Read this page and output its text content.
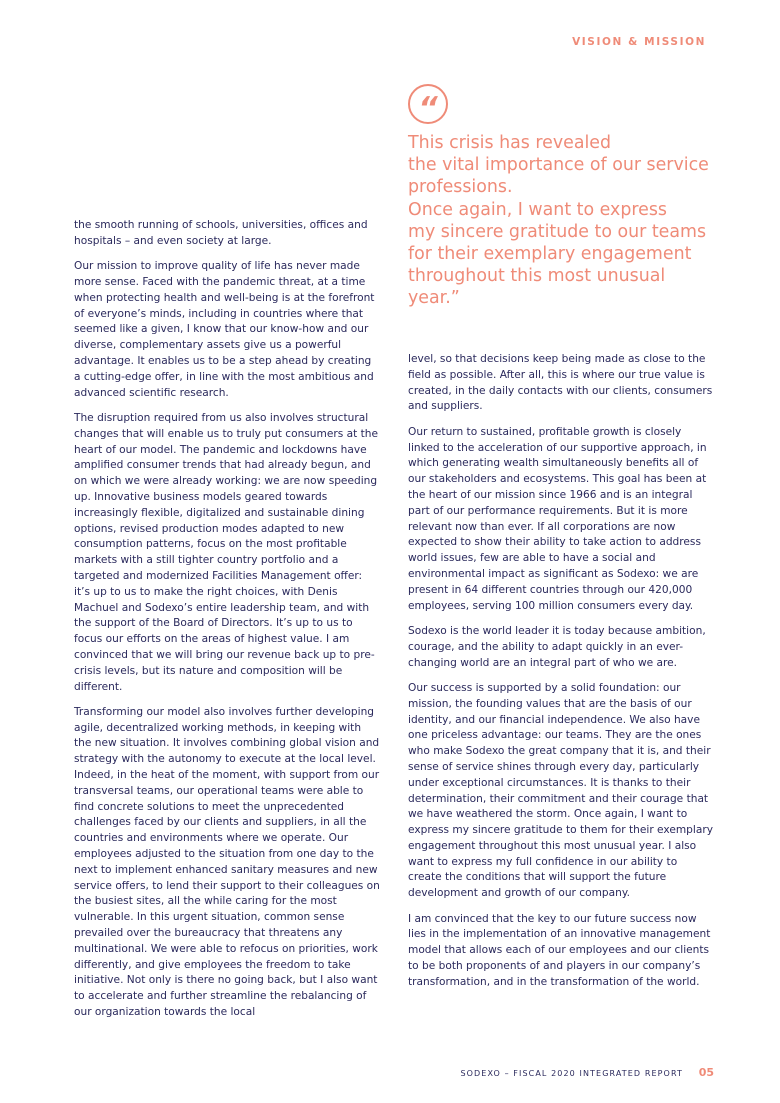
VISION & MISSION
“
This crisis has revealed
the vital importance of our service
professions.
Once again, I want to express
my sincere gratitude to our teams
for their exemplary engagement
throughout this most unusual
year.”

the smooth running of schools, universities, offices and hospitals – and even society at large.

Our mission to improve quality of life has never made more sense. Faced with the pandemic threat, at a time when protecting health and well-being is at the forefront of everyone’s minds, including in countries where that seemed like a given, I know that our know-how and our diverse, complementary assets give us a powerful advantage. It enables us to be a step ahead by creating a cutting-edge offer, in line with the most ambitious and advanced scientific research.

The disruption required from us also involves structural changes that will enable us to truly put consumers at the heart of our model. The pandemic and lockdowns have amplified consumer trends that had already begun, and on which we were already working: we are now speeding up. Innovative business models geared towards increasingly flexible, digitalized and sustainable dining options, revised production modes adapted to new consumption patterns, focus on the most profitable markets with a still tighter country portfolio and a targeted and modernized Facilities Management offer: it’s up to us to make the right choices, with Denis Machuel and Sodexo’s entire leadership team, and with the support of the Board of Directors. It’s up to us to focus our efforts on the areas of highest value. I am convinced that we will bring our revenue back up to pre-crisis levels, but its nature and composition will be different.

Transforming our model also involves further developing agile, decentralized working methods, in keeping with the new situation. It involves combining global vision and strategy with the autonomy to execute at the local level. Indeed, in the heat of the moment, with support from our transversal teams, our operational teams were able to find concrete solutions to meet the unprecedented challenges faced by our clients and suppliers, in all the countries and environments where we operate. Our employees adjusted to the situation from one day to the next to implement enhanced sanitary measures and new service offers, to lend their support to their colleagues on the busiest sites, all the while caring for the most vulnerable. In this urgent situation, common sense prevailed over the bureaucracy that threatens any multinational. We were able to refocus on priorities, work differently, and give employees the freedom to take initiative. Not only is there no going back, but I also want to accelerate and further streamline the rebalancing of our organization towards the local

level, so that decisions keep being made as close to the field as possible. After all, this is where our true value is created, in the daily contacts with our clients, consumers and suppliers.

Our return to sustained, profitable growth is closely linked to the acceleration of our supportive approach, in which generating wealth simultaneously benefits all of our stakeholders and ecosystems. This goal has been at the heart of our mission since 1966 and is an integral part of our performance requirements. But it is more relevant now than ever. If all corporations are now expected to show their ability to take action to address world issues, few are able to have a social and environmental impact as significant as Sodexo: we are present in 64 different countries through our 420,000 employees, serving 100 million consumers every day.

Sodexo is the world leader it is today because ambition, courage, and the ability to adapt quickly in an ever-changing world are an integral part of who we are.

Our success is supported by a solid foundation: our mission, the founding values that are the basis of our identity, and our financial independence. We also have one priceless advantage: our teams. They are the ones who make Sodexo the great company that it is, and their sense of service shines through every day, particularly under exceptional circumstances. It is thanks to their determination, their commitment and their courage that we have weathered the storm. Once again, I want to express my sincere gratitude to them for their exemplary engagement throughout this most unusual year. I also want to express my full confidence in our ability to create the conditions that will support the future development and growth of our company.

I am convinced that the key to our future success now lies in the implementation of an innovative management model that allows each of our employees and our clients to be both proponents of and players in our company’s transformation, and in the transformation of the world.

SODEXO – FISCAL 2020 INTEGRATED REPORT 05
